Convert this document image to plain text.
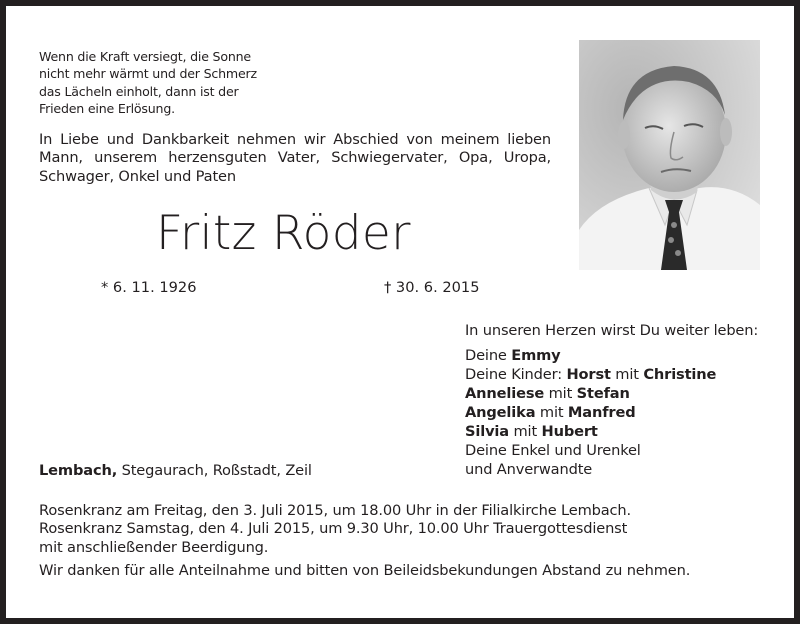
Wenn die Kraft versiegt, die Sonne
nicht mehr wärmt und der Schmerz
das Lächeln einholt, dann ist der
Frieden eine Erlösung.
In Liebe und Dankbarkeit nehmen wir Abschied von meinem lieben
Mann, unserem herzensguten Vater, Schwiegervater, Opa, Uropa,
Schwager, Onkel und Paten
Fritz Röder
* 6. 11. 1926	† 30. 6. 2015
In unseren Herzen wirst Du weiter leben:
Deine Emmy
Deine Kinder: Horst mit Christine
Anneliese mit Stefan
Angelika mit Manfred
Silvia mit Hubert
Deine Enkel und Urenkel
und Anverwandte
Lembach, Stegaurach, Roßstadt, Zeil
Rosenkranz am Freitag, den 3. Juli 2015, um 18.00 Uhr in der Filialkirche Lembach.
Rosenkranz Samstag, den 4. Juli 2015, um 9.30 Uhr, 10.00 Uhr Trauergottesdienst
mit anschließender Beerdigung.
Wir danken für alle Anteilnahme und bitten von Beileidsbekundungen Abstand zu nehmen.
